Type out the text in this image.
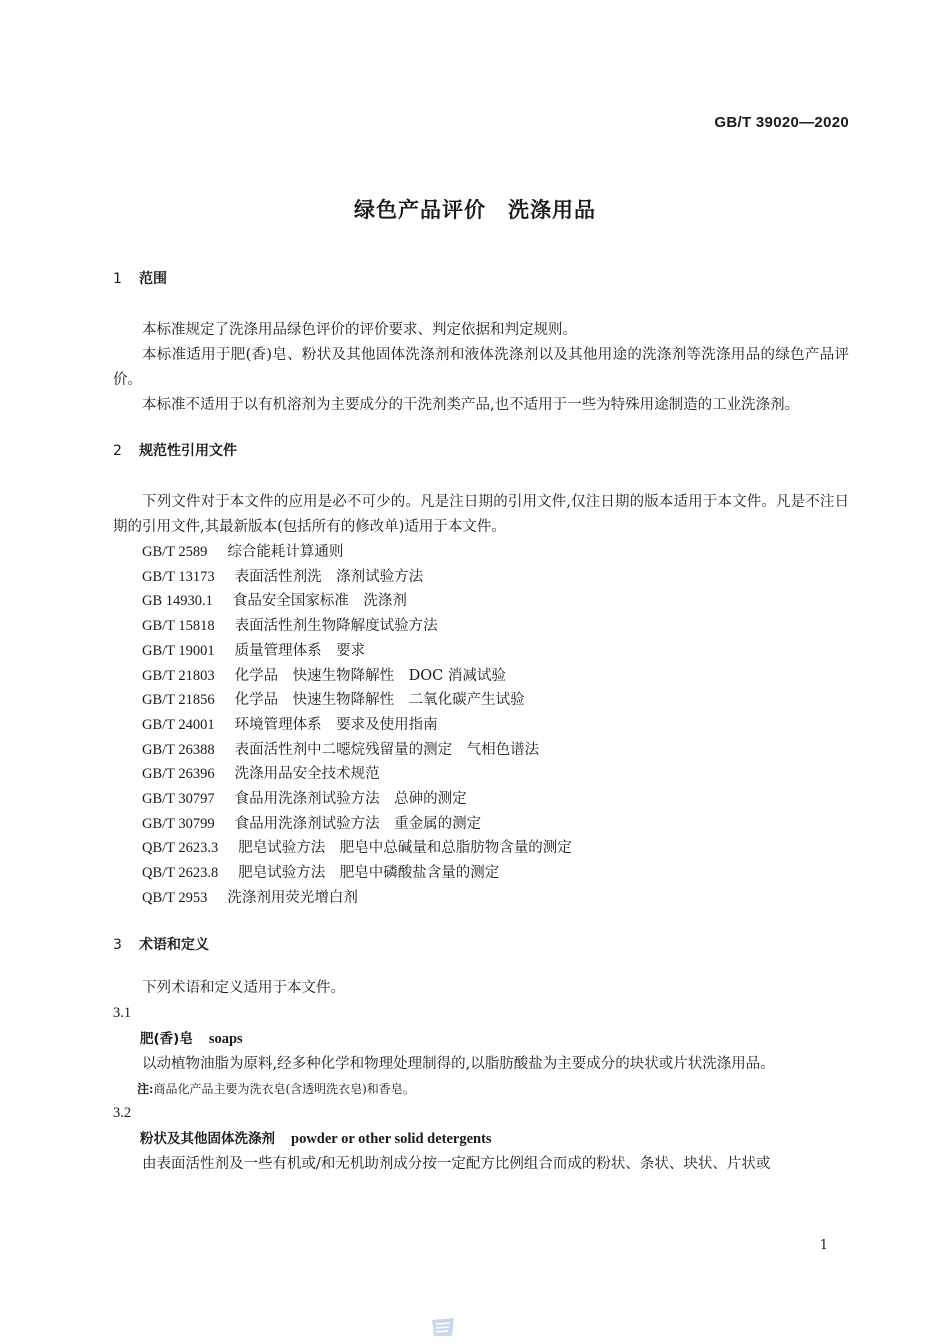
GB/T 39020—2020
绿色产品评价　洗涤用品
1 范围

本标准规定了洗涤用品绿色评价的评价要求、判定依据和判定规则。

本标准适用于肥(香)皂、粉状及其他固体洗涤剂和液体洗涤剂以及其他用途的洗涤剂等洗涤用品的绿色产品评价。

本标准不适用于以有机溶剂为主要成分的干洗剂类产品,也不适用于一些为特殊用途制造的工业洗涤剂。

2 规范性引用文件

下列文件对于本文件的应用是必不可少的。凡是注日期的引用文件,仅注日期的版本适用于本文件。凡是不注日期的引用文件,其最新版本(包括所有的修改单)适用于本文件。

GB/T 2589 综合能耗计算通则
GB/T 13173 表面活性剂洗　涤剂试验方法
GB 14930.1 食品安全国家标准　洗涤剂
GB/T 15818 表面活性剂生物降解度试验方法
GB/T 19001 质量管理体系　要求
GB/T 21803 化学品　快速生物降解性　DOC 消减试验
GB/T 21856 化学品　快速生物降解性　二氧化碳产生试验
GB/T 24001 环境管理体系　要求及使用指南
GB/T 26388 表面活性剂中二噁烷残留量的测定　气相色谱法
GB/T 26396 洗涤用品安全技术规范
GB/T 30797 食品用洗涤剂试验方法　总砷的测定
GB/T 30799 食品用洗涤剂试验方法　重金属的测定
QB/T 2623.3 肥皂试验方法　肥皂中总碱量和总脂肪物含量的测定
QB/T 2623.8 肥皂试验方法　肥皂中磷酸盐含量的测定
QB/T 2953 洗涤剂用荧光增白剂
3 术语和定义

下列术语和定义适用于本文件。

3.1
肥(香)皂 soaps

以动植物油脂为原料,经多种化学和物理处理制得的,以脂肪酸盐为主要成分的块状或片状洗涤用品。

注:商品化产品主要为洗衣皂(含透明洗衣皂)和香皂。
3.2
粉状及其他固体洗涤剂 powder or other solid detergents

由表面活性剂及一些有机或/和无机助剂成分按一定配方比例组合而成的粉状、条状、块状、片状或

1
